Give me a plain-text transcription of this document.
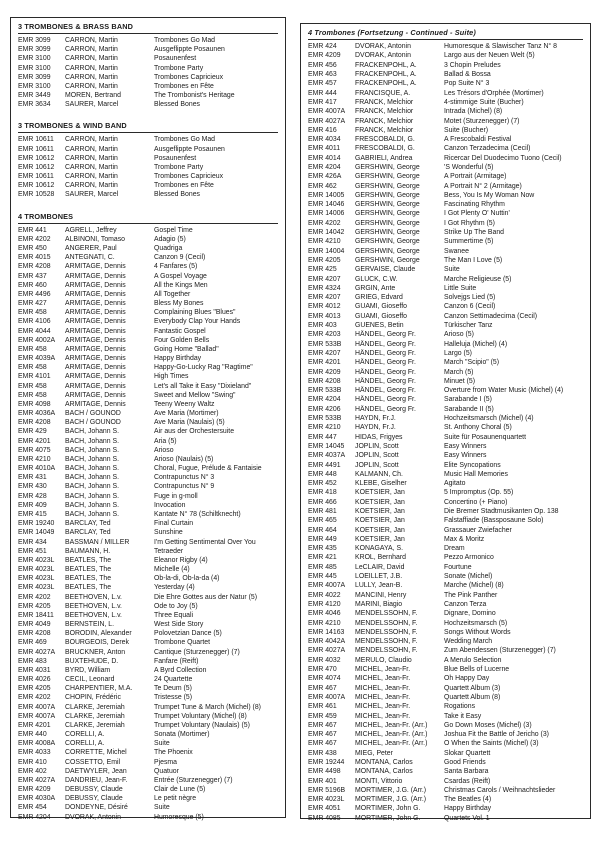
3 TROMBONES & BRASS BAND
EMR 3099	CARRON, Martin	Trombones Go Mad
EMR 3099	CARRON, Martin	Ausgeflippte Posaunen
EMR 3100	CARRON, Martin	Posaunenfest
EMR 3100	CARRON, Martin	Trombone Party
EMR 3099	CARRON, Martin	Trombones Capricieux
EMR 3100	CARRON, Martin	Trombones en Fête
EMR 3449	MOREN, Bertrand	The Trombonist's Heritage
EMR 3634	SAURER, Marcel	Blessed Bones
3 TROMBONES & WIND BAND
EMR 10611	CARRON, Martin	Trombones Go Mad
EMR 10611	CARRON, Martin	Ausgeflippte Posaunen
EMR 10612	CARRON, Martin	Posaunenfest
EMR 10612	CARRON, Martin	Trombone Party
EMR 10611	CARRON, Martin	Trombones Capricieux
EMR 10612	CARRON, Martin	Trombones en Fête
EMR 10528	SAURER, Marcel	Blessed Bones
4 TROMBONES
EMR 441	AGRELL, Jeffrey	Gospel Time
EMR 4202	ALBINONI, Tomaso	Adagio (5)
EMR 450	ANGERER, Paul	Quadriga
EMR 4015	ANTEGNATI, C.	Canzon 9 (Cecil)
EMR 4208	ARMITAGE, Dennis	4 Fanfares (5)
EMR 437	ARMITAGE, Dennis	A Gospel Voyage
EMR 460	ARMITAGE, Dennis	All the Kings Men
EMR 4496	ARMITAGE, Dennis	All Together
EMR 427	ARMITAGE, Dennis	Bless My Bones
EMR 458	ARMITAGE, Dennis	Complaining Blues "Blues"
EMR 4106	ARMITAGE, Dennis	Everybody Clap Your Hands
EMR 4044	ARMITAGE, Dennis	Fantastic Gospel
EMR 4002A	ARMITAGE, Dennis	Four Golden Bells
EMR 458	ARMITAGE, Dennis	Going Home "Ballad"
EMR 4039A	ARMITAGE, Dennis	Happy Birthday
EMR 458	ARMITAGE, Dennis	Happy-Go-Lucky Rag "Ragtime"
EMR 4101	ARMITAGE, Dennis	High Times
EMR 458	ARMITAGE, Dennis	Let's all Take it Easy "Dixieland"
EMR 458	ARMITAGE, Dennis	Sweet and Mellow "Swing"
EMR 4098	ARMITAGE, Dennis	Teeny Weeny Waltz
EMR 4036A	BACH / GOUNOD	Ave Maria (Mortimer)
EMR 4208	BACH / GOUNOD	Ave Maria (Naulais) (5)
EMR 429	BACH, Johann S.	Air aus der Orchestersuite
EMR 4201	BACH, Johann S.	Aria (5)
EMR 4075	BACH, Johann S.	Arioso
EMR 4210	BACH, Johann S.	Arioso (Naulais) (5)
EMR 4010A	BACH, Johann S.	Choral, Fugue, Prélude & Fantaisie
EMR 431	BACH, Johann S.	Contrapunctus N° 3
EMR 430	BACH, Johann S.	Contrapunctus N° 9
EMR 428	BACH, Johann S.	Fuge in g-moll
EMR 409	BACH, Johann S.	Invocation
EMR 415	BACH, Johann S.	Kantate N° 78 (Schiltknecht)
EMR 19240	BARCLAY, Ted	Final Curtain
EMR 14049	BARCLAY, Ted	Sunshine
EMR 434	BASSMAN / MILLER	I'm Getting Sentimental Over You
EMR 451	BAUMANN, H.	Tetraeder
EMR 4023L	BEATLES, The	Eleanor Rigby (4)
EMR 4023L	BEATLES, The	Michelle (4)
EMR 4023L	BEATLES, The	Ob-la-di, Ob-la-da (4)
EMR 4023L	BEATLES, The	Yesterday (4)
EMR 4202	BEETHOVEN, L.v.	Die Ehre Gottes aus der Natur (5)
EMR 4205	BEETHOVEN, L.v.	Ode to Joy (5)
EMR 18411	BEETHOVEN, L.v.	Three Equali
EMR 4049	BERNSTEIN, L.	West Side Story
EMR 4208	BORODIN, Alexander	Polovetzian Dance (5)
EMR 469	BOURGEOIS, Derek	Trombone Quartet
EMR 4027A	BRUCKNER, Anton	Cantique (Sturzenegger) (7)
EMR 483	BUXTEHUDE, D.	Fanfare (Reift)
EMR 4031	BYRD, William	A Byrd Collection
EMR 4026	CECIL, Leonard	24 Quartette
EMR 4205	CHARPENTIER, M.A.	Te Deum (5)
EMR 4202	CHOPIN, Frédéric	Tristesse (5)
EMR 4007A	CLARKE, Jeremiah	Trumpet Tune & March (Michel) (8)
EMR 4007A	CLARKE, Jeremiah	Trumpet Voluntary (Michel) (8)
EMR 4201	CLARKE, Jeremiah	Trumpet Voluntary (Naulais) (5)
EMR 440	CORELLI, A.	Sonata (Mortimer)
EMR 4008A	CORELLI, A.	Suite
EMR 4033	CORRETTE, Michel	The Phoenix
EMR 410	COSSETTO, Emil	Pjesma
EMR 402	DAETWYLER, Jean	Quatuor
EMR 4027A	DANDRIEU, Jean-F.	Entrée (Sturzenegger) (7)
EMR 4209	DEBUSSY, Claude	Clair de Lune (5)
EMR 4030A	DEBUSSY, Claude	Le petit nègre
EMR 454	DONDEYNE, Désiré	Suite
EMR 4204	DVORAK, Antonin	Humoresque (5)
4 Trombones (Fortsetzung - Continued - Suite)
EMR 424	DVORAK, Antonin	Humoresque & Slawischer Tanz N° 8
EMR 4209	DVORAK, Antonin	Largo aus der Neuen Welt (5)
EMR 456	FRACKENPOHL, A.	3 Chopin Preludes
EMR 463	FRACKENPOHL, A.	Ballad & Bossa
EMR 457	FRACKENPOHL, A.	Pop Suite N° 3
EMR 444	FRANCISQUE, A.	Les Trésors d'Orphée (Mortimer)
EMR 417	FRANCK, Melchior	4-stimmige Suite (Bucher)
EMR 4007A	FRANCK, Melchior	Intrada (Michel) (8)
EMR 4027A	FRANCK, Melchior	Motet (Sturzenegger) (7)
EMR 416	FRANCK, Melchior	Suite (Bucher)
EMR 4034	FRESCOBALDI, G.	A Frescobaldi Festival
EMR 4011	FRESCOBALDI, G.	Canzon Terzadecima (Cecil)
EMR 4014	GABRIELI, Andrea	Ricercar Del Duodecimo Tuono (Cecil)
EMR 4204	GERSHWIN, George	'S Wonderful (5)
EMR 426A	GERSHWIN, George	A Portrait (Armitage)
EMR 462	GERSHWIN, George	A Portrait N° 2 (Armitage)
EMR 14005	GERSHWIN, George	Bess, You Is My Woman Now
EMR 14046	GERSHWIN, George	Fascinating Rhythm
EMR 14006	GERSHWIN, George	I Got Plenty O' Nuttin'
EMR 4202	GERSHWIN, George	I Got Rhythm (5)
EMR 14042	GERSHWIN, George	Strike Up The Band
EMR 4210	GERSHWIN, George	Summertime (5)
EMR 14004	GERSHWIN, George	Swanee
EMR 4205	GERSHWIN, George	The Man I Love (5)
EMR 425	GERVAISE, Claude	Suite
EMR 4207	GLUCK, C.W.	Marche Religieuse (5)
EMR 4324	GRGIN, Ante	Little Suite
EMR 4207	GRIEG, Edvard	Solvejgs Lied (5)
EMR 4012	GUAMI, Gioseffo	Canzon 6 (Cecil)
EMR 4013	GUAMI, Gioseffo	Canzon Settimadecima (Cecil)
EMR 403	GUENES, Betin	Türkischer Tanz
EMR 4203	HÄNDEL, Georg Fr.	Arioso (5)
EMR 533B	HÄNDEL, Georg Fr.	Halleluja (Michel) (4)
EMR 4207	HÄNDEL, Georg Fr.	Largo (5)
EMR 4201	HÄNDEL, Georg Fr.	March "Scipio" (5)
EMR 4209	HÄNDEL, Georg Fr.	March (5)
EMR 4208	HÄNDEL, Georg Fr.	Minuet (5)
EMR 533B	HÄNDEL, Georg Fr.	Overture from Water Music (Michel) (4)
EMR 4204	HÄNDEL, Georg Fr.	Sarabande I (5)
EMR 4206	HÄNDEL, Georg Fr.	Sarabande II (5)
EMR 533B	HAYDN, Fr.J.	Hochzeitsmarsch (Michel) (4)
EMR 4210	HAYDN, Fr.J.	St. Anthony Choral (5)
EMR 447	HIDAS, Frigyes	Suite für Posaunenquartett
EMR 14045	JOPLIN, Scott	Easy Winners
EMR 4037A	JOPLIN, Scott	Easy Winners
EMR 4491	JOPLIN, Scott	Elite Syncopations
EMR 448	KALMANN, Ch.	Music Hall Memories
EMR 452	KLEBE, Giselher	Agitato
EMR 418	KOETSIER, Jan	5 Impromptus (Op. 55)
EMR 466	KOETSIER, Jan	Concertino (+ Piano)
EMR 481	KOETSIER, Jan	Die Bremer Stadtmusikanten Op. 138
EMR 465	KOETSIER, Jan	Falstaffiade (Bassposaune Solo)
EMR 464	KOETSIER, Jan	Grassauer Zwiefacher
EMR 449	KOETSIER, Jan	Max & Moritz
EMR 435	KONAGAYA, S.	Dream
EMR 421	KROL, Bernhard	Pezzo Armonico
EMR 485	LeCLAIR, David	Fourtune
EMR 445	LOEILLET, J.B.	Sonate (Michel)
EMR 4007A	LULLY, Jean-B.	Marche (Michel) (8)
EMR 4022	MANCINI, Henry	The Pink Panther
EMR 4120	MARINI, Biagio	Canzon Terza
EMR 4046	MENDELSSOHN, F.	Dignare, Domino
EMR 4210	MENDELSSOHN, F.	Hochzeitsmarsch (5)
EMR 14163	MENDELSSOHN, F.	Songs Without Words
EMR 4042A	MENDELSSOHN, F.	Wedding March
EMR 4027A	MENDELSSOHN, F.	Zum Abendessen (Sturzenegger) (7)
EMR 4032	MERULO, Claudio	A Merulo Selection
EMR 470	MICHEL, Jean-Fr.	Blue Bells of Lucerne
EMR 4074	MICHEL, Jean-Fr.	Oh Happy Day
EMR 467	MICHEL, Jean-Fr.	Quartett Album (3)
EMR 4007A	MICHEL, Jean-Fr.	Quartett Album (8)
EMR 461	MICHEL, Jean-Fr.	Rogations
EMR 459	MICHEL, Jean-Fr.	Take it Easy
EMR 467	MICHEL, Jean-Fr. (Arr.)	Go Down Moses (Michel) (3)
EMR 467	MICHEL, Jean-Fr. (Arr.)	Joshua Fit the Battle of Jericho (3)
EMR 467	MICHEL, Jean-Fr. (Arr.)	O When the Saints (Michel) (3)
EMR 438	MIEG, Peter	Slokar Quartett
EMR 19244	MONTANA, Carlos	Good Friends
EMR 4498	MONTANA, Carlos	Santa Barbara
EMR 401	MONTI, Vittorio	Csardas (Reift)
EMR 5196B	MORTIMER, J.G. (Arr.)	Christmas Carols / Weihnachtslieder
EMR 4023L	MORTIMER, J.G. (Arr.)	The Beatles (4)
EMR 4051	MORTIMER, John G.	Happy Birthday
EMR 4085	MORTIMER, John G.	Quartets Vol. 1
